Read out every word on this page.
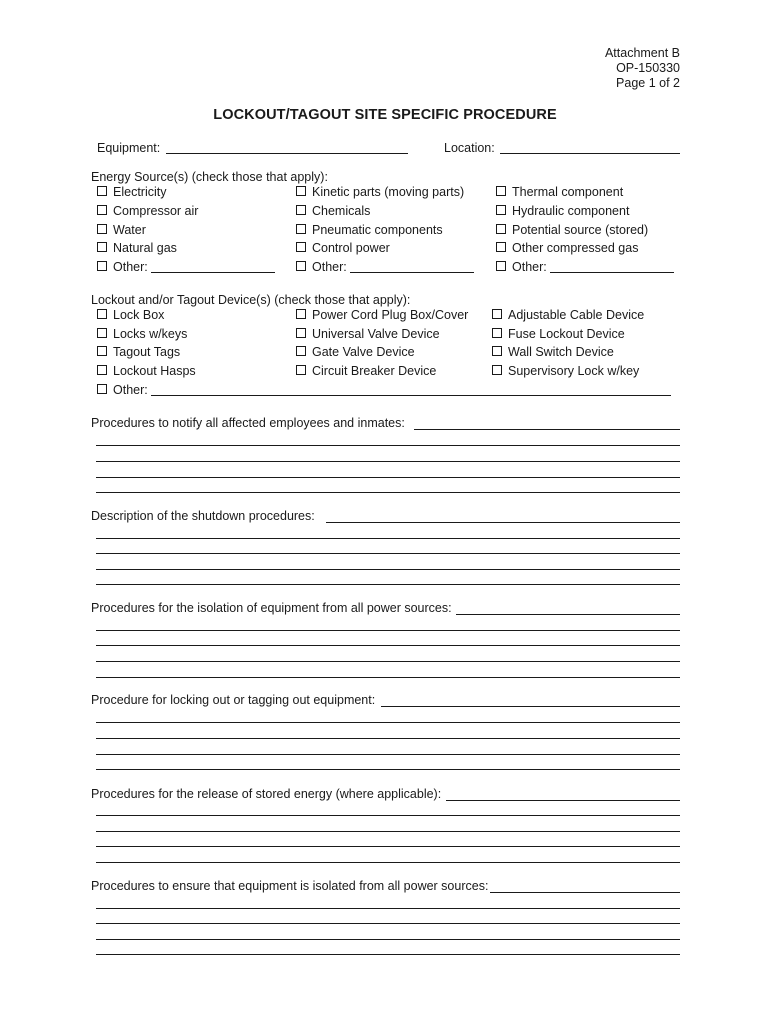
Attachment B
OP-150330
Page 1 of 2
LOCKOUT/TAGOUT SITE SPECIFIC PROCEDURE
Equipment:	Location:
Energy Source(s) (check those that apply):
Electricity
Compressor air
Water
Natural gas
Other:
Kinetic parts (moving parts)
Chemicals
Pneumatic components
Control power
Other:
Thermal component
Hydraulic component
Potential source (stored)
Other compressed gas
Other:
Lockout and/or Tagout Device(s) (check those that apply):
Lock Box
Locks w/keys
Tagout Tags
Lockout Hasps
Power Cord Plug Box/Cover
Universal Valve Device
Gate Valve Device
Circuit Breaker Device
Adjustable Cable Device
Fuse Lockout Device
Wall Switch Device
Supervisory Lock w/key
Other:
Procedures to notify all affected employees and inmates:
Description of the shutdown procedures:
Procedures for the isolation of equipment from all power sources:
Procedure for locking out or tagging out equipment:
Procedures for the release of stored energy (where applicable):
Procedures to ensure that equipment is isolated from all power sources:
